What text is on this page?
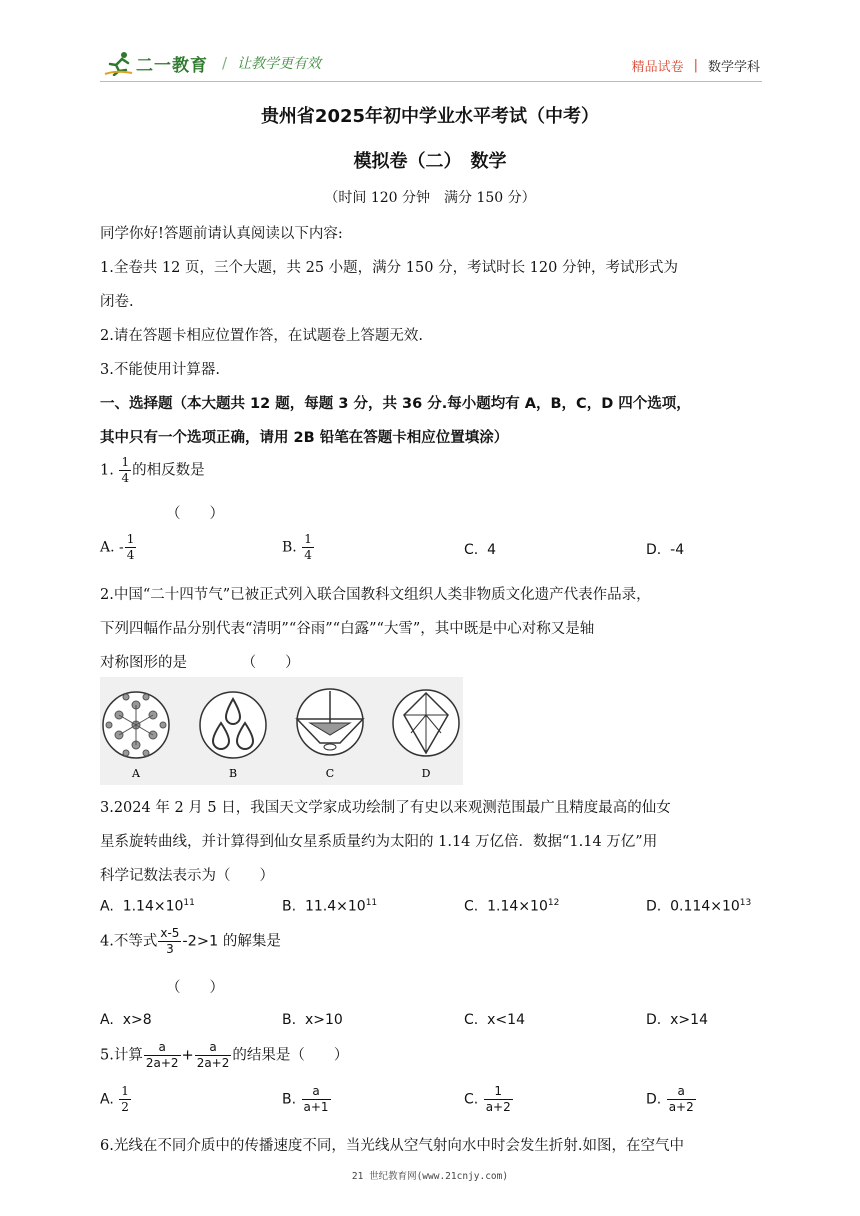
二一教育 / 让教学更有效	精品试卷 | 数学学科
贵州省2025年初中学业水平考试（中考）
模拟卷（二）　数学
（时间 120 分钟　满分 150 分）
同学你好!答题前请认真阅读以下内容:
1.全卷共 12 页，三个大题，共 25 小题，满分 150 分，考试时长 120 分钟，考试形式为
闭卷.
2.请在答题卡相应位置作答，在试题卷上答题无效.
3.不能使用计算器.
一、选择题（本大题共 12 题，每题 3 分，共 36 分.每小题均有 A，B，C，D 四个选项，
其中只有一个选项正确，请用 2B 铅笔在答题卡相应位置填涂）
1. $\frac{1}{4}$ 的相反数是
（　　）
A. - $\frac{1}{4}$	B. $\frac{1}{4}$	C. 4	D. -4
2.中国“二十四节气”已被正式列入联合国教科文组织人类非物质文化遗产代表作品录，
下列四幅作品分别代表“清明”“谷雨”“白露”“大雪”，其中既是中心对称又是轴
对称图形的是	（　　）
A	B	C	D
3.2024 年 2 月 5 日，我国天文学家成功绘制了有史以来观测范围最广且精度最高的仙女
星系旋转曲线，并计算得到仙女星系质量约为太阳的 1.14 万亿倍．数据“1.14 万亿”用
科学记数法表示为（　　）
A. $1.14\times 10^{11}$	B. $11.4\times 10^{11}$	C. $1.14\times 10^{12}$	D. $0.114\times 10^{13}$
4.不等式 $\frac{x-5}{3} -2>1$ 的解集是
（　　）
A. x>8	B. x>10	C. x<14	D. x>14
5.计算 $\frac{a}{2a+2} + \frac{a}{2a+2}$ 的结果是（　　）
A. $\frac{1}{2}$	B. $\frac{a}{a+1}$	C. $\frac{1}{a+2}$	D. $\frac{a}{a+2}$
6.光线在不同介质中的传播速度不同，当光线从空气射向水中时会发生折射.如图，在空气中
21 世纪教育网(www.21cnjy.com)
